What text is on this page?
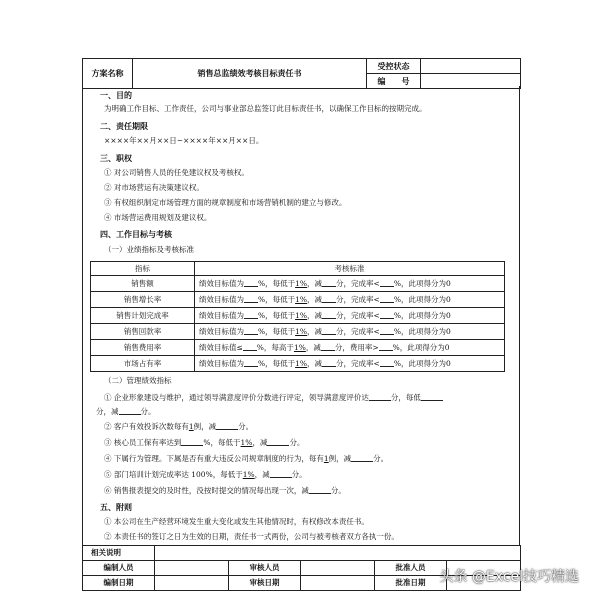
方案名称	销售总监绩效考核目标责任书	受控状态	
		编　　号	
一、目的
为明确工作目标、工作责任，公司与事业部总监签订此目标责任书，以确保工作目标的按期完成。
二、责任期限
××××年××月××日~××××年××月××日。
三、职权
① 对公司销售人员的任免建议权及考核权。
② 对市场营运有决策建议权。
③ 有权组织制定市场管理方面的规章制度和市场营销机制的建立与修改。
④ 市场营运费用规划及建议权。
四、工作目标与考核
（一）业绩指标及考核标准
指标	考核标准
销售额	绩效目标值为 %，每低于1%，减 分，完成率< %，此项得分为0
销售增长率	绩效目标值为 %，每低于1%，减 分，完成率< %，此项得分为0
销售计划完成率	绩效目标值为 %，每低于1%，减 分，完成率< %，此项得分为0
销售回款率	绩效目标值为 %，每低于1%，减 分，完成率< %，此项得分为0
销售费用率	绩效目标值≤ %，每高于1%，减 分，费用率> %，此项得分为0
市场占有率	绩效目标值为 %，每低于1%，减 分，完成率< %，此项得分为0
（二）管理绩效指标
① 企业形象建设与维护，通过领导满意度评价分数进行评定，领导满意度评价达	分，每低
分，减	分。
② 客户有效投诉次数每有1例，减	分。
③ 核心员工保有率达到	%，每低于1%，减	分。
④ 下属行为管理。下属是否有重大违反公司规章制度的行为，每有1例，减	分。
⑤ 部门培训计划完成率达 100%，每低于1%，减	分。
⑥ 销售报表提交的及时性，没按时提交的情况每出现一次，减	分。
五、附则
① 本公司在生产经营环境发生重大变化或发生其他情况时，有权修改本责任书。
② 本责任书的签订之日为生效的日期，责任书一式两份，公司与被考核者双方各执一份。
相关说明					
编制人员		审核人员		批准人员	
编制日期		审核日期		批准日期	头条 @Excel技巧精选
